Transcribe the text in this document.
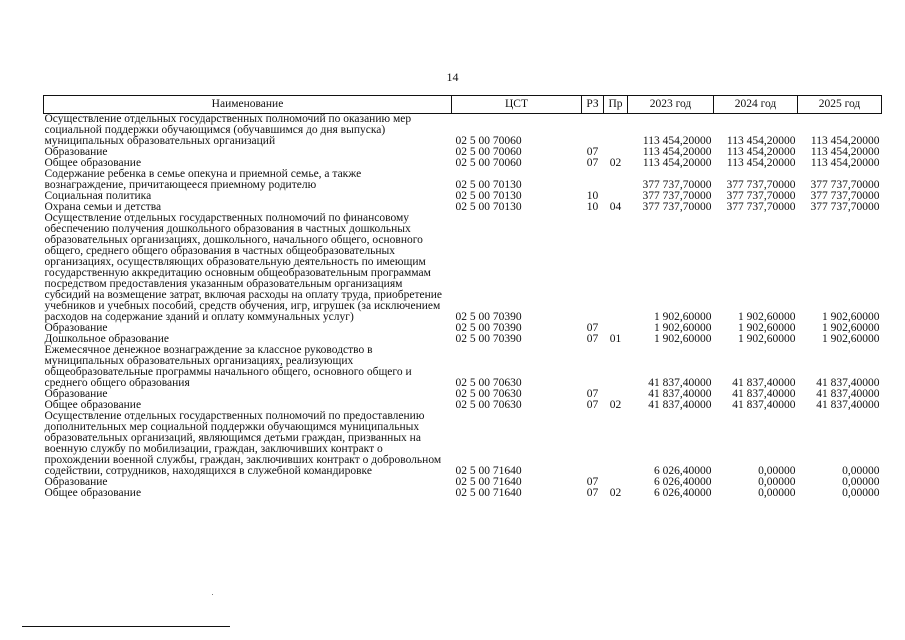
14
Наименование	ЦСТ	РЗ	Пр	2023 год	2024 год	2025 год
Осуществление отдельных государственных полномочий по оказанию мер социальной поддержки обучающимся (обучавшимся до дня выпуска) муниципальных образовательных организаций	02 5 00 70060			113 454,20000	113 454,20000	113 454,20000
Образование	02 5 00 70060	07		113 454,20000	113 454,20000	113 454,20000
Общее образование	02 5 00 70060	07	02	113 454,20000	113 454,20000	113 454,20000
Содержание ребенка в семье опекуна и приемной семье, а также вознаграждение, причитающееся приемному родителю	02 5 00 70130			377 737,70000	377 737,70000	377 737,70000
Социальная политика	02 5 00 70130	10		377 737,70000	377 737,70000	377 737,70000
Охрана семьи и детства	02 5 00 70130	10	04	377 737,70000	377 737,70000	377 737,70000
Осуществление отдельных государственных полномочий по финансовому обеспечению получения дошкольного образования в частных дошкольных образовательных организациях, дошкольного, начального общего, основного общего, среднего общего образования в частных общеобразовательных организациях, осуществляющих образовательную деятельность по имеющим государственную аккредитацию основным общеобразовательным программам посредством предоставления указанным образовательным организациям субсидий на возмещение затрат, включая расходы на оплату труда, приобретение учебников и учебных пособий, средств обучения, игр, игрушек (за исключением расходов на содержание зданий и оплату коммунальных услуг)	02 5 00 70390			1 902,60000	1 902,60000	1 902,60000
Образование	02 5 00 70390	07		1 902,60000	1 902,60000	1 902,60000
Дошкольное образование	02 5 00 70390	07	01	1 902,60000	1 902,60000	1 902,60000
Ежемесячное денежное вознаграждение за классное руководство в муниципальных образовательных организациях, реализующих общеобразовательные программы начального общего, основного общего и среднего общего образования	02 5 00 70630			41 837,40000	41 837,40000	41 837,40000
Образование	02 5 00 70630	07		41 837,40000	41 837,40000	41 837,40000
Общее образование	02 5 00 70630	07	02	41 837,40000	41 837,40000	41 837,40000
Осуществление отдельных государственных полномочий по предоставлению дополнительных мер социальной поддержки обучающимся муниципальных образовательных организаций, являющимся детьми граждан, призванных на военную службу по мобилизации, граждан, заключивших контракт о прохождении военной службы, граждан, заключивших контракт о добровольном содействии, сотрудников, находящихся в служебной командировке	02 5 00 71640			6 026,40000	0,00000	0,00000
Образование	02 5 00 71640	07		6 026,40000	0,00000	0,00000
Общее образование	02 5 00 71640	07	02	6 026,40000	0,00000	0,00000
